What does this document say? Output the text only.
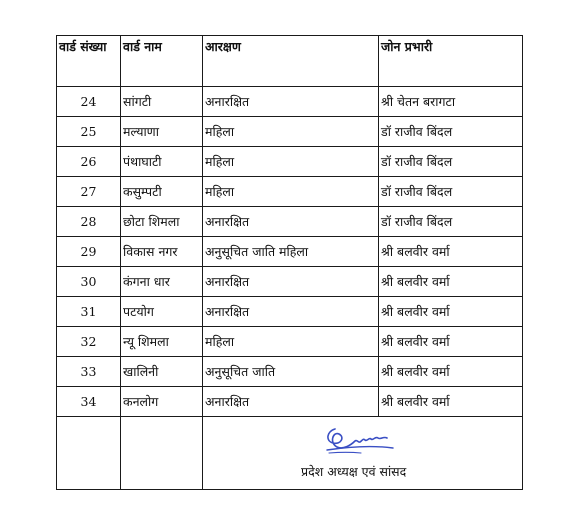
वार्ड संख्या	वार्ड नाम	आरक्षण	जोन प्रभारी
24	सांगटी	अनारक्षित	श्री चेतन बरागटा
25	मल्याणा	महिला	डॉ राजीव बिंदल
26	पंथाघाटी	महिला	डॉ राजीव बिंदल
27	कसुम्पटी	महिला	डॉ राजीव बिंदल
28	छोटा शिमला	अनारक्षित	डॉ राजीव बिंदल
29	विकास नगर	अनुसूचित जाति महिला	श्री बलवीर वर्मा
30	कंगना धार	अनारक्षित	श्री बलवीर वर्मा
31	पटयोग	अनारक्षित	श्री बलवीर वर्मा
32	न्यू शिमला	महिला	श्री बलवीर वर्मा
33	खालिनी	अनुसूचित जाति	श्री बलवीर वर्मा
34	कनलोग	अनारक्षित	श्री बलवीर वर्मा

		प्रदेश अध्यक्ष एवं सांसद	
